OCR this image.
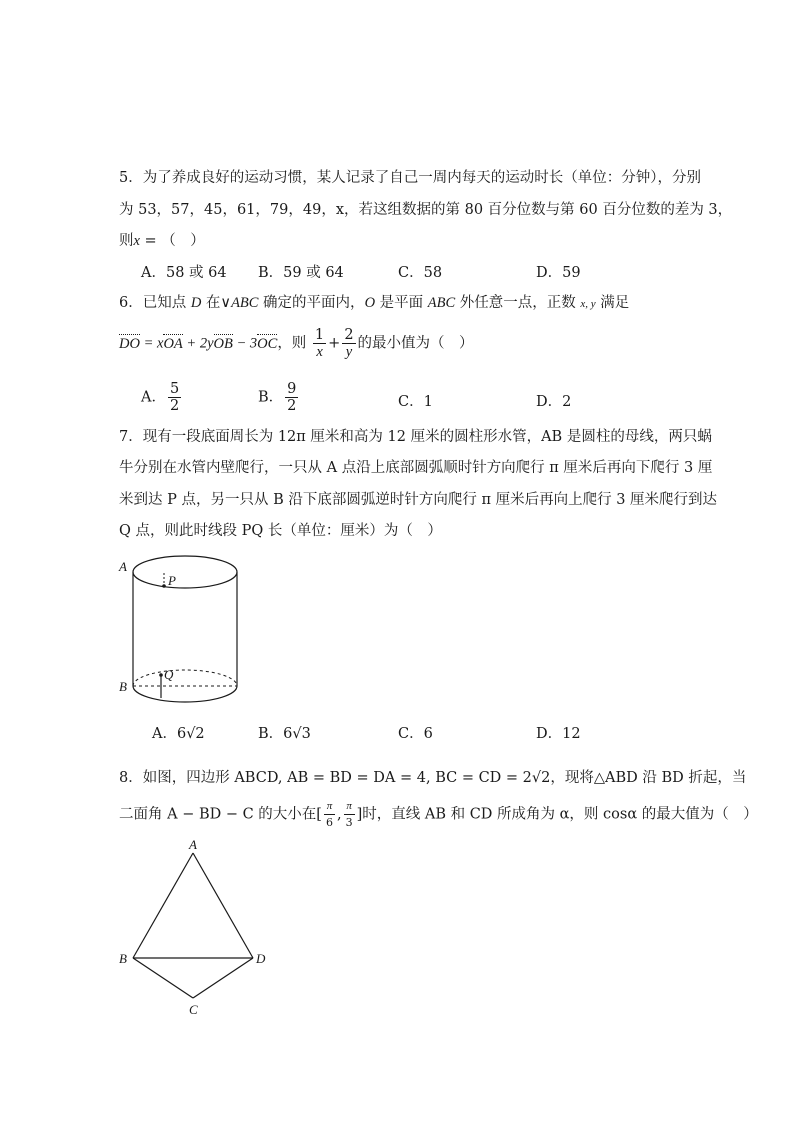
5．为了养成良好的运动习惯，某人记录了自己一周内每天的运动时长（单位：分钟），分别
为 53，57，45，61，79，49，x，若这组数据的第 80 百分位数与第 60 百分位数的差为 3，
则x = （　）
A．58 或 64 B．59 或 64	C．58	D．59
6．已知点 D 在∨ABC 确定的平面内，O 是平面 ABC 外任意一点，正数 x, y 满足
DO = xOA + 2yOB − 3OC，则 $\frac{1}{x} + \frac{2}{y}$ 的最小值为（　）
A． $\frac{5}{2}$	B． $\frac{9}{2}$	C．1	D．2
7．现有一段底面周长为 12π 厘米和高为 12 厘米的圆柱形水管，AB 是圆柱的母线，两只蜗
牛分别在水管内壁爬行，一只从 A 点沿上底部圆弧顺时针方向爬行 π 厘米后再向下爬行 3 厘
米到达 P 点，另一只从 B 沿下底部圆弧逆时针方向爬行 π 厘米后再向上爬行 3 厘米爬行到达
Q 点，则此时线段 PQ 长（单位：厘米）为（　）
A
B
P
Q
A．6√2	B．6√3	C．6	D．12
8．如图，四边形 ABCD, AB = BD = DA = 4, BC = CD = 2√2，现将△ABD 沿 BD 折起，当
二面角 A − BD − C 的大小在[ $\frac{\pi}{6}$ , $\frac{\pi}{3}$ ]时，直线 AB 和 CD 所成角为 α，则 cosα 的最大值为（　）
A
B
C
D
